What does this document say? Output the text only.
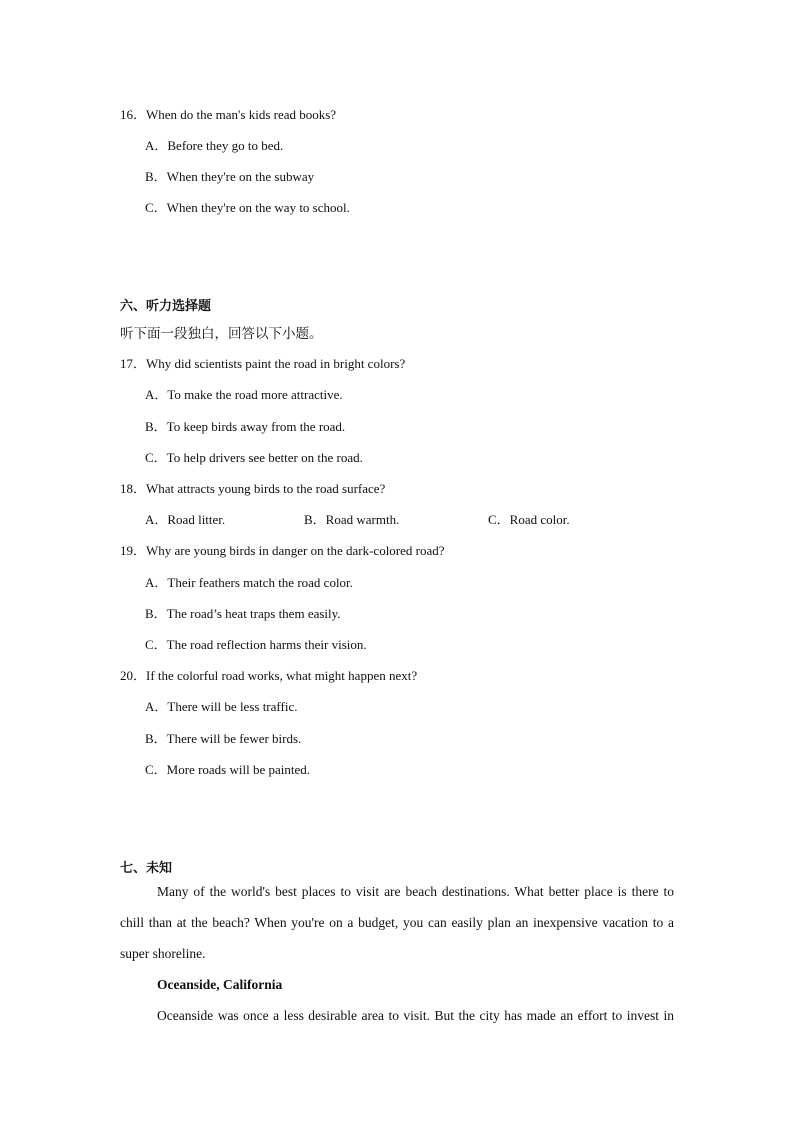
16．When do the man's kids read books?
A．Before they go to bed.
B．When they're on the subway
C．When they're on the way to school.
六、听力选择题
听下面一段独白，回答以下小题。
17．Why did scientists paint the road in bright colors?
A．To make the road more attractive.
B．To keep birds away from the road.
C．To help drivers see better on the road.
18．What attracts young birds to the road surface?
A．Road litter.	B．Road warmth.	C．Road color.
19．Why are young birds in danger on the dark-colored road?
A．Their feathers match the road color.
B．The road’s heat traps them easily.
C．The road reflection harms their vision.
20．If the colorful road works, what might happen next?
A．There will be less traffic.
B．There will be fewer birds.
C．More roads will be painted.
七、未知
Many of the world's best places to visit are beach destinations. What better place is there to
chill than at the beach? When you're on a budget, you can easily plan an inexpensive vacation to a
super shoreline.
Oceanside, California
Oceanside was once a less desirable area to visit. But the city has made an effort to invest in
